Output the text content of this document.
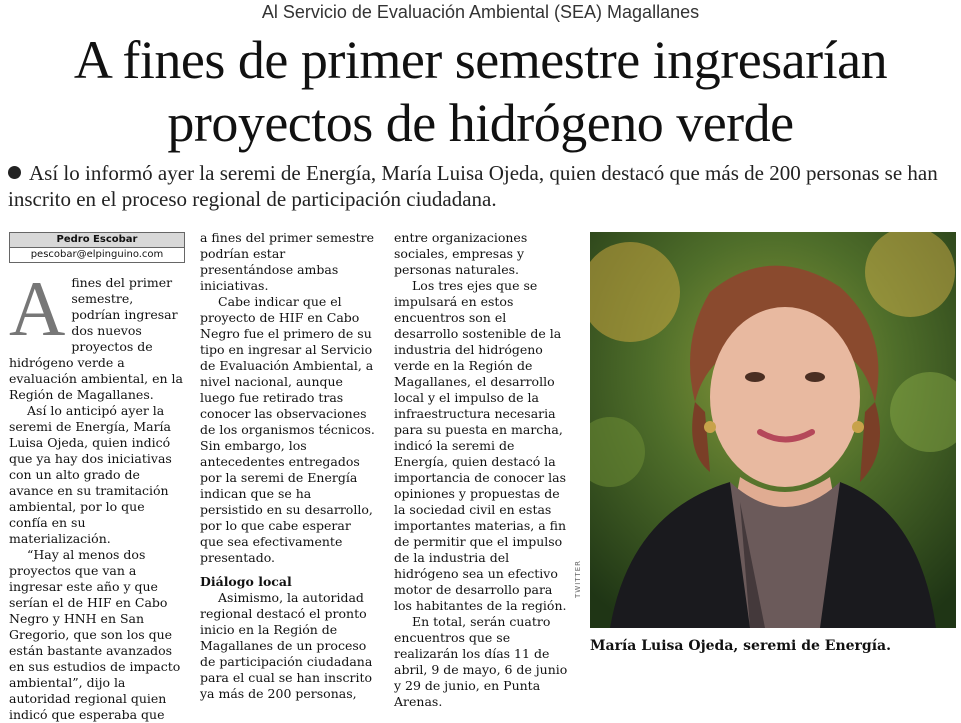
Al Servicio de Evaluación Ambiental (SEA) Magallanes
A fines de primer semestre ingresarían
proyectos de hidrógeno verde
Así lo informó ayer la seremi de Energía, María Luisa Ojeda, quien destacó que más de 200 personas se han inscrito en el proceso regional de participación ciudadana.
Pedro Escobar
pescobar@elpinguino.com

A fines del primer semestre, podrían ingresar dos nuevos proyectos de hidrógeno verde a evaluación ambiental, en la Región de Magallanes.

Así lo anticipó ayer la seremi de Energía, María Luisa Ojeda, quien indicó que ya hay dos iniciativas con un alto grado de avance en su tramitación ambiental, por lo que confía en su materialización.

“Hay al menos dos proyectos que van a ingresar este año y que serían el de HIF en Cabo Negro y HNH en San Gregorio, que son los que están bastante avanzados en sus estudios de impacto ambiental”, dijo la autoridad regional quien indicó que esperaba que

a fines del primer semestre podrían estar presentándose ambas iniciativas.

Cabe indicar que el proyecto de HIF en Cabo Negro fue el primero de su tipo en ingresar al Servicio de Evaluación Ambiental, a nivel nacional, aunque luego fue retirado tras conocer las observaciones de los organismos técnicos. Sin embargo, los antecedentes entregados por la seremi de Energía indican que se ha persistido en su desarrollo, por lo que cabe esperar que sea efectivamente presentado.

Diálogo local

Asimismo, la autoridad regional destacó el pronto inicio en la Región de Magallanes de un proceso de participación ciudadana para el cual se han inscrito ya más de 200 personas,

entre organizaciones sociales, empresas y personas naturales.

Los tres ejes que se impulsará en estos encuentros son el desarrollo sostenible de la industria del hidrógeno verde en la Región de Magallanes, el desarrollo local y el impulso de la infraestructura necesaria para su puesta en marcha, indicó la seremi de Energía, quien destacó la importancia de conocer las opiniones y propuestas de la sociedad civil en estas importantes materias, a fin de permitir que el impulso de la industria del hidrógeno sea un efectivo motor de desarrollo para los habitantes de la región.

En total, serán cuatro encuentros que se realizarán los días 11 de abril, 9 de mayo, 6 de junio y 29 de junio, en Punta Arenas.

TWITTER
María Luisa Ojeda, seremi de Energía.
